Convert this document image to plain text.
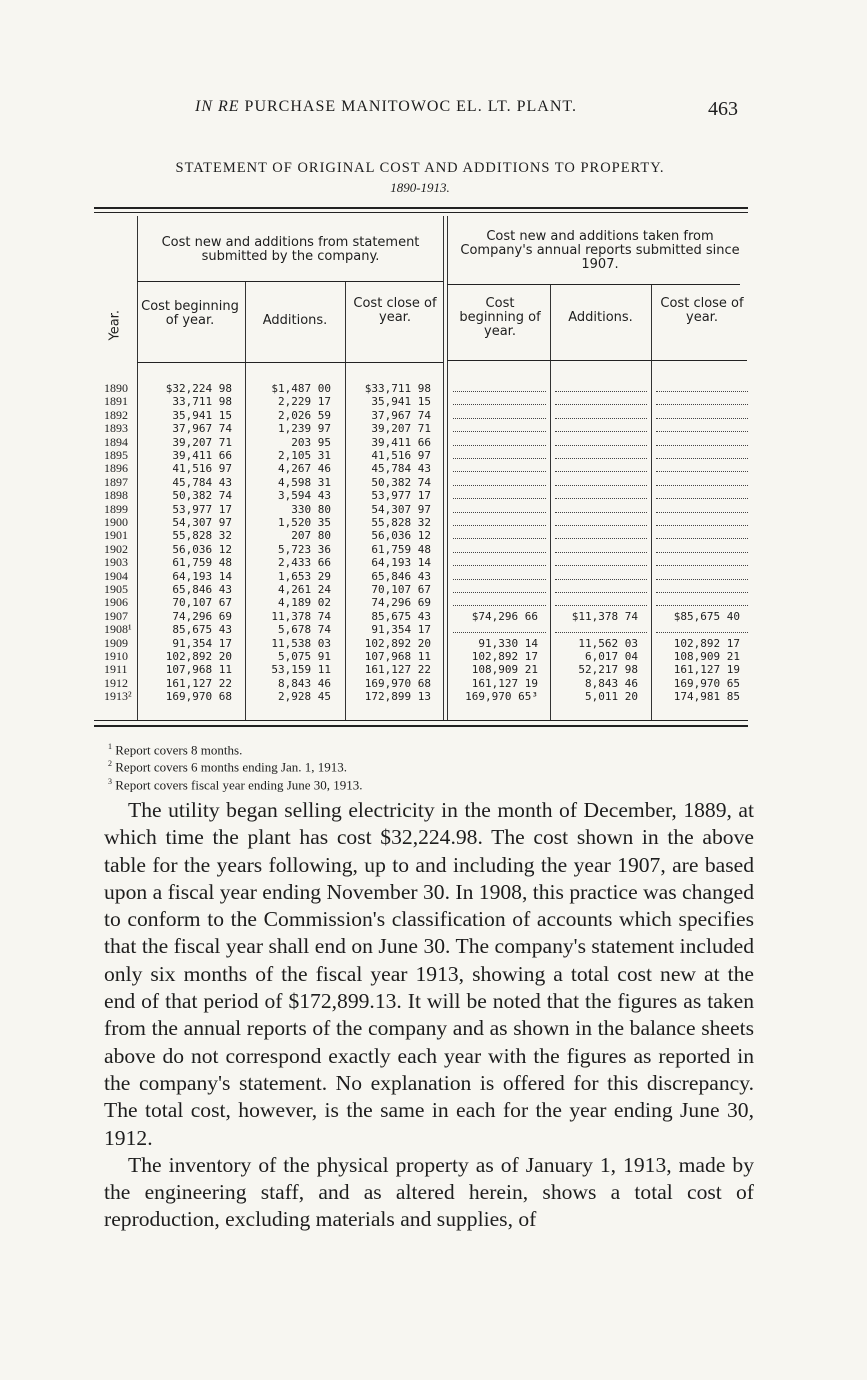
IN RE PURCHASE MANITOWOC EL. LT. PLANT.	463
STATEMENT OF ORIGINAL COST AND ADDITIONS TO PROPERTY.
1890-1913.
Year.
Cost new and additions from statement submitted by the company.
Cost new and additions taken from Company's annual reports submitted since 1907.
Cost beginning of year.	Additions.
Cost close of year.
Cost beginning of year.
Additions.
Cost close of year.
1890	$32,224 98	$1,487 00	$33,711 98
1891	33,711 98	2,229 17	35,941 15
1892	35,941 15	2,026 59	37,967 74
1893	37,967 74	1,239 97	39,207 71
1894	39,207 71	203 95	39,411 66
1895	39,411 66	2,105 31	41,516 97
1896	41,516 97	4,267 46	45,784 43
1897	45,784 43	4,598 31	50,382 74
1898	50,382 74	3,594 43	53,977 17
1899	53,977 17	330 80	54,307 97
1900	54,307 97	1,520 35	55,828 32
1901	55,828 32	207 80	56,036 12
1902	56,036 12	5,723 36	61,759 48
1903	61,759 48	2,433 66	64,193 14
1904	64,193 14	1,653 29	65,846 43
1905	65,846 43	4,261 24	70,107 67
1906	70,107 67	4,189 02	74,296 69
1907	74,296 69	11,378 74	85,675 43	$74,296 66	$11,378 74	$85,675 40
1908¹	85,675 43	5,678 74	91,354 17
1909	91,354 17	11,538 03	102,892 20	91,330 14	11,562 03	102,892 17
1910	102,892 20	5,075 91	107,968 11	102,892 17	6,017 04	108,909 21
1911	107,968 11	53,159 11	161,127 22	108,909 21	52,217 98	161,127 19
1912	161,127 22	8,843 46	169,970 68	161,127 19	8,843 46	169,970 65
1913²	169,970 68	2,928 45	172,899 13	169,970 65³	5,011 20	174,981 85
$^1$ Report covers 8 months.
$^2$ Report covers 6 months ending Jan. 1, 1913.
$^3$ Report covers fiscal year ending June 30, 1913.

The utility began selling electricity in the month of December, 1889, at which time the plant has cost $32,224.98. The cost shown in the above table for the years following, up to and including the year 1907, are based upon a fiscal year ending November 30. In 1908, this practice was changed to conform to the Commission's classification of accounts which specifies that the fiscal year shall end on June 30. The company's statement included only six months of the fiscal year 1913, showing a total cost new at the end of that period of $172,899.13. It will be noted that the figures as taken from the annual reports of the company and as shown in the balance sheets above do not correspond exactly each year with the figures as reported in the company's statement. No explanation is offered for this discrepancy. The total cost, however, is the same in each for the year ending June 30, 1912.

The inventory of the physical property as of January 1, 1913, made by the engineering staff, and as altered herein, shows a total cost of reproduction, excluding materials and supplies, of
